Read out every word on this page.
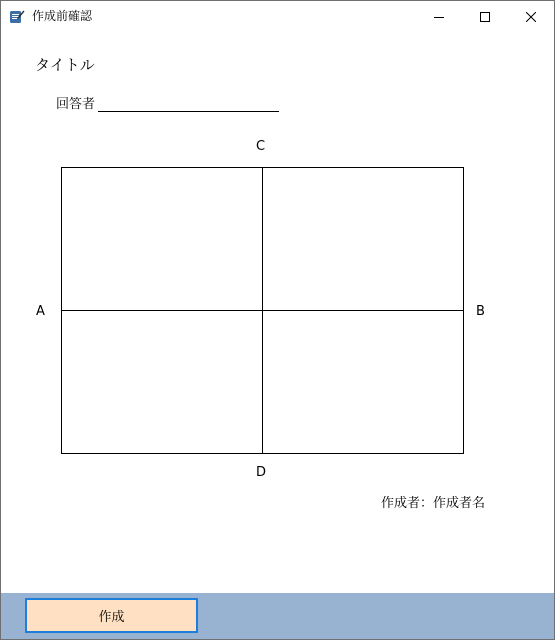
作成前確認
タイトル
回答者
C
A	B
D
作成者：作成者名
作成
